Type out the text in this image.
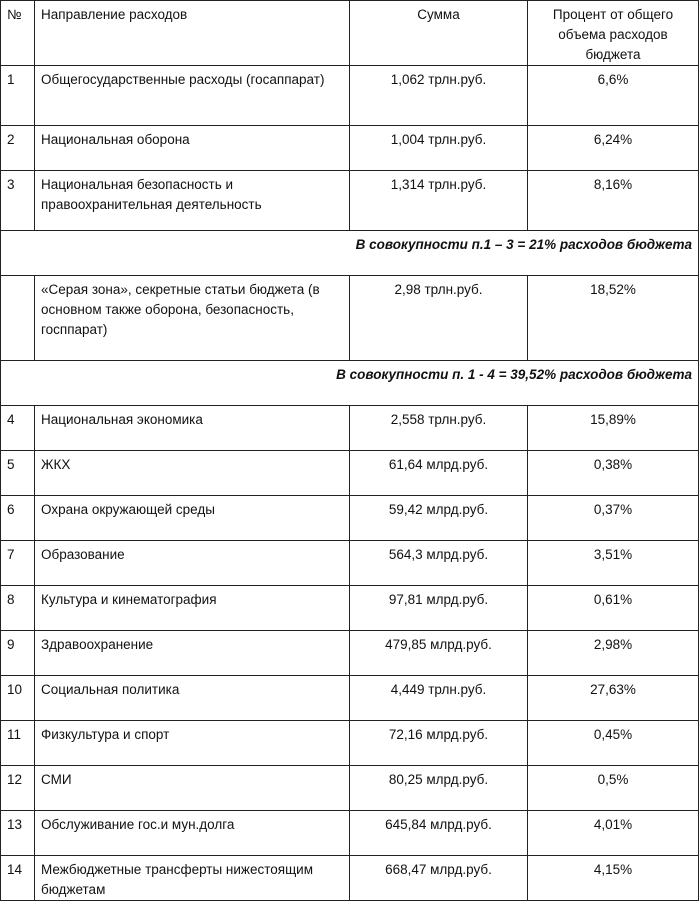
№	Направление расходов	Сумма	Процент от общего объема расходов бюджета
1	Общегосударственные расходы (госаппарат)	1,062 трлн.руб.	6,6%
2	Национальная оборона	1,004 трлн.руб.	6,24%
3	Национальная безопасность и правоохранительная деятельность	1,314 трлн.руб.	8,16%
В совокупности п.1 – 3 = 21% расходов бюджета			
	«Серая зона», секретные статьи бюджета (в основном также оборона, безопасность, госппарат)	2,98 трлн.руб.	18,52%
В совокупности п. 1 - 4 = 39,52% расходов бюджета			
4	Национальная экономика	2,558 трлн.руб.	15,89%
5	ЖКХ	61,64 млрд.руб.	0,38%
6	Охрана окружающей среды	59,42 млрд.руб.	0,37%
7	Образование	564,3 млрд.руб.	3,51%
8	Культура и кинематография	97,81 млрд.руб.	0,61%
9	Здравоохранение	479,85 млрд.руб.	2,98%
10	Социальная политика	4,449 трлн.руб.	27,63%
11	Физкультура и спорт	72,16 млрд.руб.	0,45%
12	СМИ	80,25 млрд.руб.	0,5%
13	Обслуживание гос.и мун.долга	645,84 млрд.руб.	4,01%
14	Межбюджетные трансферты нижестоящим бюджетам	668,47 млрд.руб.	4,15%
